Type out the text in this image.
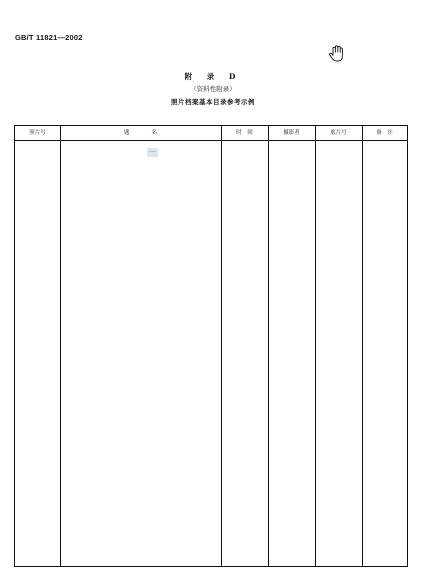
GB/T 11821—2002
附 录 D
（资料性附录）
照片档案基本目录参考示例
照片号	题　　　　名	时　间	摄影者	底片号	备　注
